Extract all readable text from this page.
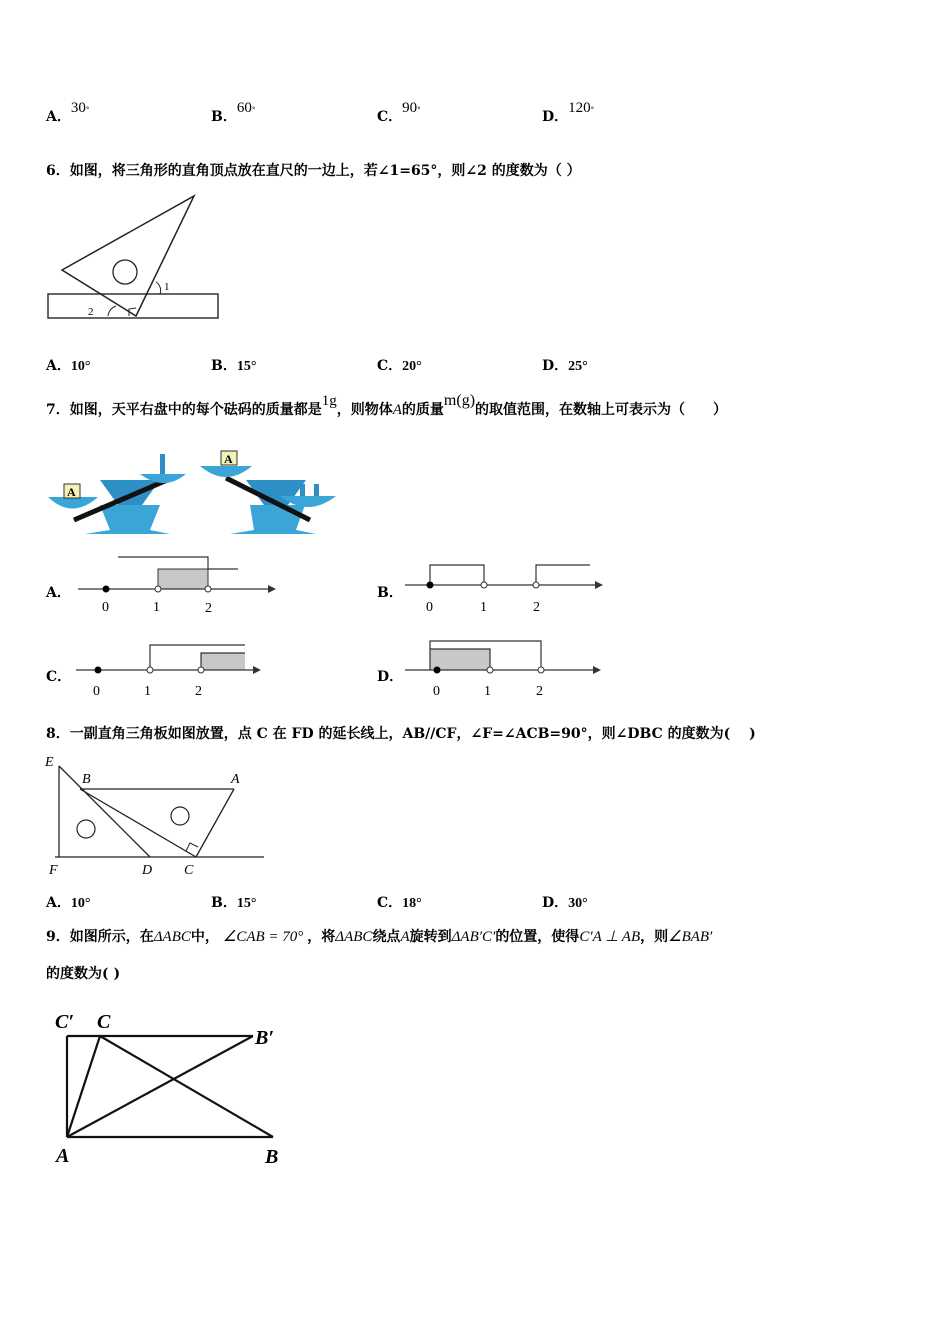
A．30°	B．60°	C．90°	D．120°
6．如图，将三角形的直角顶点放在直尺的一边上，若∠1=65°，则∠2 的度数为（ ）
1
2
A．10°	B．15°	C．20°	D．25°
7．如图，天平右盘中的每个砝码的质量都是1g，则物体A的质量m(g)的取值范围，在数轴上可表示为（　　）
A
A
A．
0	1	2
B．
0	1	2
C．
0	1	2
D．
0	1	2
8．一副直角三角板如图放置，点 C 在 FD 的延长线上，AB//CF，∠F=∠ACB=90°，则∠DBC 的度数为(　 )
E
B	A
F	D C
A．10°	B．15°	C．18°	D．30°
9．如图所示，在ΔABC中， ∠CAB = 70° ，将ΔABC绕点A旋转到ΔAB′C′的位置，使得C′A ⊥ AB，则∠BAB′
的度数为( )
C′ C
B′
A	B
